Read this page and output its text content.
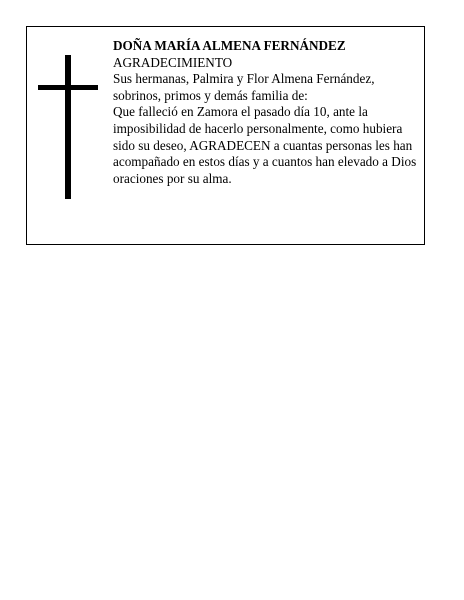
DOÑA MARÍA ALMENA FERNÁNDEZ

AGRADECIMIENTO

Sus hermanas, Palmira y Flor Almena Fernández, sobrinos, primos y demás familia de:

Que falleció en Zamora el pasado día 10, ante la imposibilidad de hacerlo personalmente, como hubiera sido su deseo, AGRADECEN a cuantas personas les han acompañado en estos días y a cuantos han elevado a Dios oraciones por su alma.
